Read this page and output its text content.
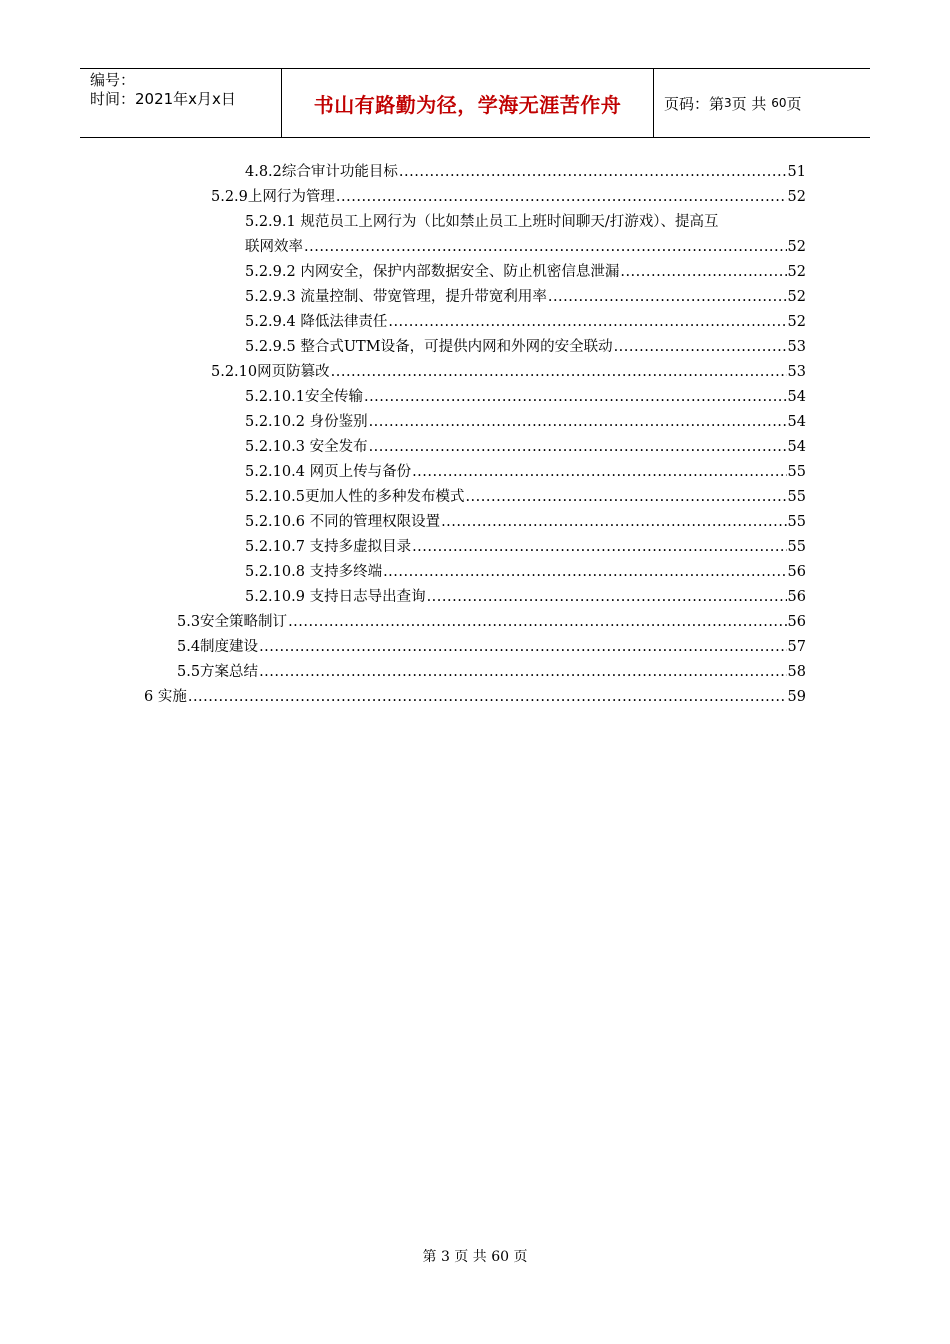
编号：
时间：2021年x月x日	书山有路勤为径，学海无涯苦作舟	页码：第 3 页 共
60 页
4.8.2综合审计功能目标 .....	51
5.2.9上网行为管理 .....	52
5.2.9.1 规范员工上网行为（比如禁止员工上班时间聊天/打游戏）、提高互
联网效率 .....	52
5.2.9.2 内网安全，保护内部数据安全、防止机密信息泄漏 .....	52
5.2.9.3 流量控制、带宽管理，提升带宽利用率 .....	52
5.2.9.4 降低法律责任 .....	52
5.2.9.5 整合式UTM设备，可提供内网和外网的安全联动 .....	53
5.2.10网页防篡改 .....	53
5.2.10.1安全传输 .....	54
5.2.10.2 身份鉴别 .....	54
5.2.10.3 安全发布 .....	54
5.2.10.4 网页上传与备份 .....	55
5.2.10.5更加人性的多种发布模式 .....	55
5.2.10.6 不同的管理权限设置 .....	55
5.2.10.7 支持多虚拟目录 .....	55
5.2.10.8 支持多终端 .....	56
5.2.10.9 支持日志导出查询 .....	56
5.3安全策略制订 .....	56
5.4制度建设 .....	57
5.5方案总结 .....	58
6 实施 .....	59
第 3 页 共 60 页
